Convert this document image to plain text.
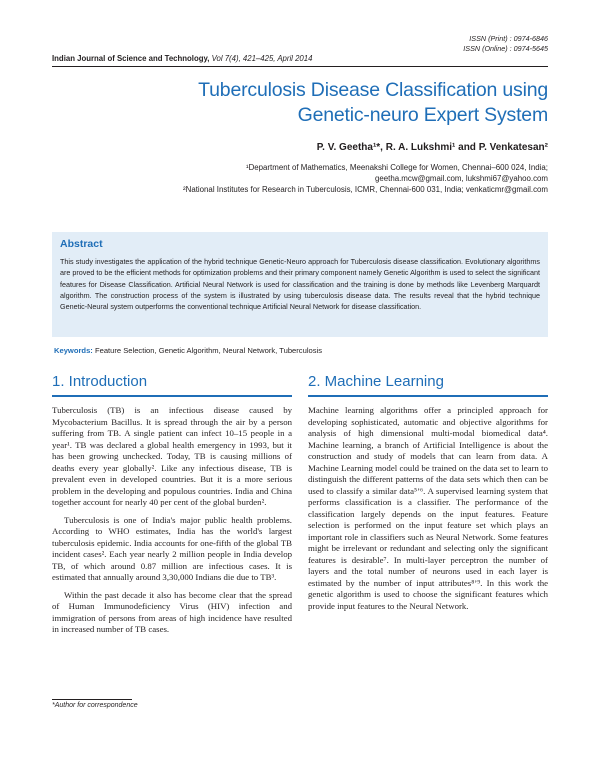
ISSN (Print) : 0974-6846
ISSN (Online) : 0974-5645
Indian Journal of Science and Technology, Vol 7(4), 421–425, April 2014
Tuberculosis Disease Classification using
Genetic-neuro Expert System
P. V. Geetha¹*, R. A. Lukshmi¹ and P. Venkatesan²
¹Department of Mathematics, Meenakshi College for Women, Chennai–600 024, India;
geetha.mcw@gmail.com, lukshmi67@yahoo.com
²National Institutes for Research in Tuberculosis, ICMR, Chennai-600 031, India; venkaticmr@gmail.com
Abstract

This study investigates the application of the hybrid technique Genetic-Neuro approach for Tuberculosis disease classification. Evolutionary algorithms are proved to be the efficient methods for optimization problems and their primary component namely Genetic Algorithm is used to select the significant features for Disease Classification. Artificial Neural Network is used for classification and the training is done by methods like Levenberg Marquardt algorithm. The construction process of the system is illustrated by using tuberculosis disease data. The results reveal that the hybrid technique Genetic-Neural system outperforms the conventional technique Artificial Neural Network for disease classification.

Keywords: Feature Selection, Genetic Algorithm, Neural Network, Tuberculosis
1. Introduction	2. Machine Learning

Tuberculosis (TB) is an infectious disease caused by Mycobacterium Bacillus. It is spread through the air by a person suffering from TB. A single patient can infect 10–15 people in a year¹. TB was declared a global health emergency in 1993, but it has been growing unchecked. Today, TB is causing millions of deaths every year globally². Like any infectious disease, TB is prevalent even in developed countries. But it is a more serious problem in the developing and populous countries. India and China together account for nearly 40 per cent of the global burden².

Tuberculosis is one of India's major public health problems. According to WHO estimates, India has the world's largest tuberculosis epidemic. India accounts for one-fifth of the global TB incident cases². Each year nearly 2 million people in India develop TB, of which around 0.87 million are infectious cases. It is estimated that annually around 3,30,000 Indians die due to TB³.

Within the past decade it also has become clear that the spread of Human Immunodeficiency Virus (HIV) infection and immigration of persons from areas of high incidence have resulted in increased number of TB cases.

Machine learning algorithms offer a principled approach for developing sophisticated, automatic and objective algorithms for analysis of high dimensional multi-modal biomedical data⁴. Machine learning, a branch of Artificial Intelligence is about the construction and study of models that can learn from data. A Machine Learning model could be trained on the data set to learn to distinguish the different patterns of the data sets which then can be used to classify a similar data⁵ʼ⁶. A supervised learning system that performs classification is a classifier. The performance of the classification largely depends on the input features. Feature selection is performed on the input feature set which plays an important role in classifiers such as Neural Network. Some features might be irrelevant or redundant and selecting only the significant features is desirable⁷. In multi-layer perceptron the number of layers and the total number of neurons used in each layer is estimated by the number of input attributes⁸ʼ⁹. In this work the genetic algorithm is used to choose the significant features which provide input features to the Neural Network.

*Author for correspondence
